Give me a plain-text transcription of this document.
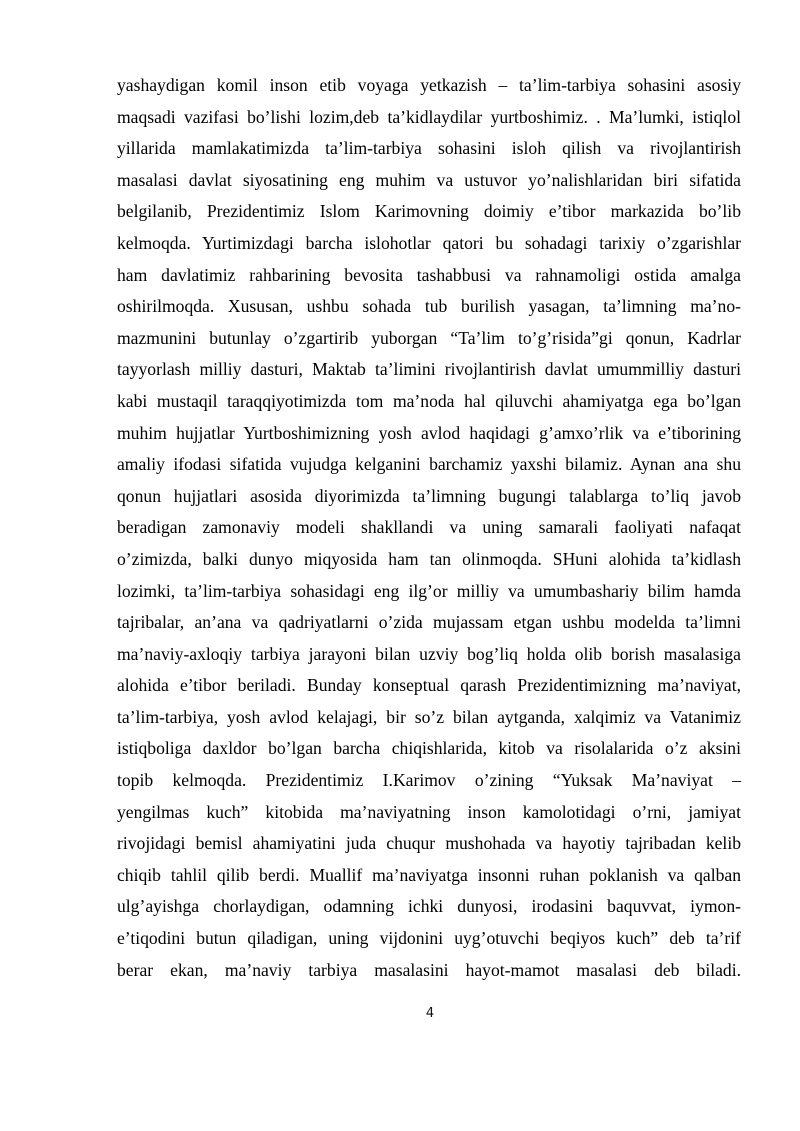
yashaydigan komil inson etib voyaga yetkazish – ta’lim-tarbiya sohasini asosiy
maqsadi vazifasi bo’lishi lozim,deb ta’kidlaydilar yurtboshimiz. . Ma’lumki, istiqlol
yillarida mamlakatimizda ta’lim-tarbiya sohasini isloh qilish va rivojlantirish
masalasi davlat siyosatining eng muhim va ustuvor yo’nalishlaridan biri sifatida
belgilanib, Prezidentimiz Islom Karimovning doimiy e’tibor markazida bo’lib
kelmoqda. Yurtimizdagi barcha islohotlar qatori bu sohadagi tarixiy o’zgarishlar
ham davlatimiz rahbarining bevosita tashabbusi va rahnamoligi ostida amalga
oshirilmoqda. Xususan, ushbu sohada tub burilish yasagan, ta’limning ma’no-
mazmunini butunlay o’zgartirib yuborgan “Ta’lim to’g’risida”gi qonun, Kadrlar
tayyorlash milliy dasturi, Maktab ta’limini rivojlantirish davlat umummilliy dasturi
kabi mustaqil taraqqiyotimizda tom ma’noda hal qiluvchi ahamiyatga ega bo’lgan
muhim hujjatlar Yurtboshimizning yosh avlod haqidagi g’amxo’rlik va e’tiborining
amaliy ifodasi sifatida vujudga kelganini barchamiz yaxshi bilamiz. Aynan ana shu
qonun hujjatlari asosida diyorimizda ta’limning bugungi talablarga to’liq javob
beradigan zamonaviy modeli shakllandi va uning samarali faoliyati nafaqat
o’zimizda, balki dunyo miqyosida ham tan olinmoqda. SHuni alohida ta’kidlash
lozimki, ta’lim-tarbiya sohasidagi eng ilg’or milliy va umumbashariy bilim hamda
tajribalar, an’ana va qadriyatlarni o’zida mujassam etgan ushbu modelda ta’limni
ma’naviy-axloqiy tarbiya jarayoni bilan uzviy bog’liq holda olib borish masalasiga
alohida e’tibor beriladi. Bunday konseptual qarash Prezidentimizning ma’naviyat,
ta’lim-tarbiya, yosh avlod kelajagi, bir so’z bilan aytganda, xalqimiz va Vatanimiz
istiqboliga daxldor bo’lgan barcha chiqishlarida, kitob va risolalarida o’z aksini
topib kelmoqda. Prezidentimiz I.Karimov o’zining “Yuksak Ma’naviyat –
yengilmas kuch” kitobida ma’naviyatning inson kamolotidagi o’rni, jamiyat
rivojidagi bemisl ahamiyatini juda chuqur mushohada va hayotiy tajribadan kelib
chiqib tahlil qilib berdi. Muallif ma’naviyatga insonni ruhan poklanish va qalban
ulg’ayishga chorlaydigan, odamning ichki dunyosi, irodasini baquvvat, iymon-
e’tiqodini butun qiladigan, uning vijdonini uyg’otuvchi beqiyos kuch” deb ta’rif
berar ekan, ma’naviy tarbiya masalasini hayot-mamot masalasi deb biladi.
4
